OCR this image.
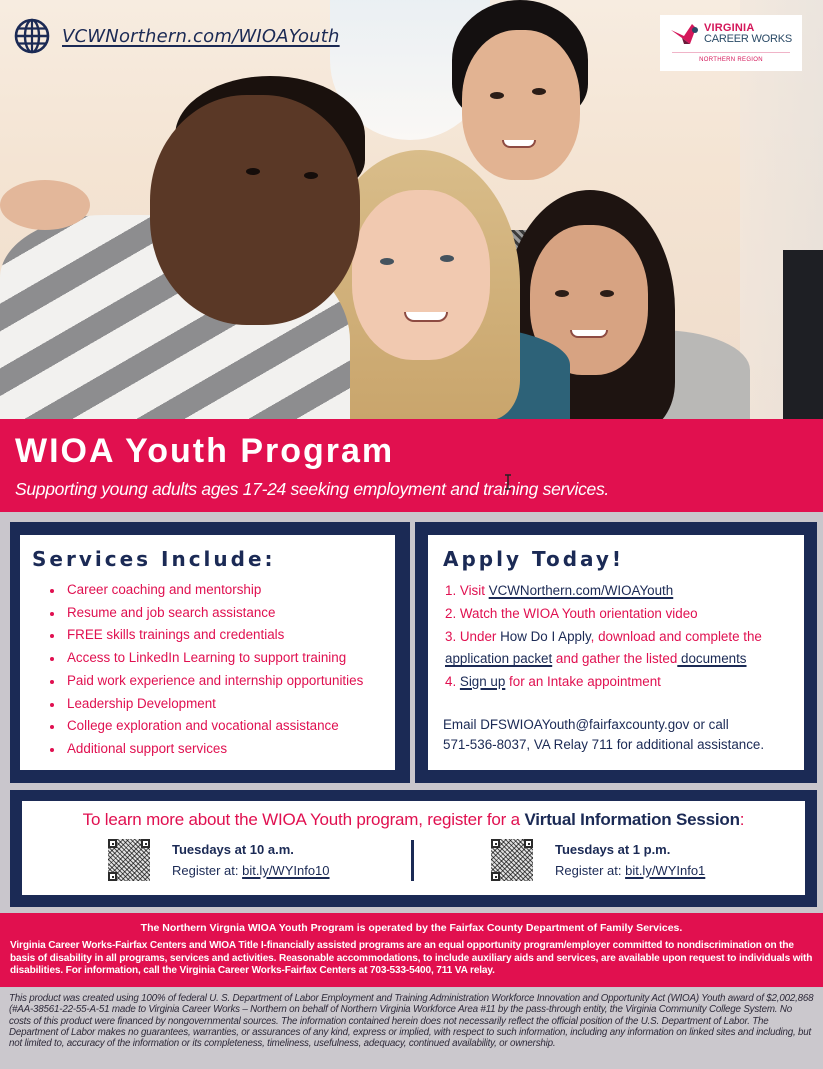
VCWNorthern.com/WIOAYouth	VIRGINIA
CAREER WORKS
NORTHERN REGION
WIOA Youth Program
Supporting young adults ages 17-24 seeking employment and training services.
Services Include:
Career coaching and mentorship
Resume and job search assistance
FREE skills trainings and credentials
Access to LinkedIn Learning to support training
Paid work experience and internship opportunities
Leadership Development
College exploration and vocational assistance
Additional support services
Apply Today!
1. Visit VCWNorthern.com/WIOAYouth
2. Watch the WIOA Youth orientation video
3. Under How Do I Apply, download and complete the
application packet and gather the listed documents
4. Sign up for an Intake appointment
Email DFSWIOAYouth@fairfaxcounty.gov or call
571-536-8037, VA Relay 711 for additional assistance.
To learn more about the WIOA Youth program, register for a Virtual Information Session:
Tuesdays at 10 a.m.
Register at: bit.ly/WYInfo10
Tuesdays at 1 p.m.
Register at: bit.ly/WYInfo1
The Northern Virgnia WIOA Youth Program is operated by the Fairfax County Department of Family Services.
Virginia Career Works-Fairfax Centers and WIOA Title I-financially assisted programs are an equal opportunity program/employer committed to nondiscrimination on the basis of disability in all programs, services and activities. Reasonable accommodations, to include auxiliary aids and services, are available upon request to individuals with disabilities. For information, call the Virginia Career Works-Fairfax Centers at 703-533-5400, 711 VA relay.
This product was created using 100% of federal U. S. Department of Labor Employment and Training Administration Workforce Innovation and Opportunity Act (WIOA) Youth award of $2,002,868 (#AA-38561-22-55-A-51 made to Virginia Career Works – Northern on behalf of Northern Virginia Workforce Area #11 by the pass-through entity, the Virginia Community College System. No costs of this product were financed by nongovernmental sources. The information contained herein does not necessarily reflect the official position of the U.S. Department of Labor. The Department of Labor makes no guarantees, warranties, or assurances of any kind, express or implied, with respect to such information, including any information on linked sites and including, but not limited to, accuracy of the information or its completeness, timeliness, usefulness, adequacy, continued availability, or ownership.
